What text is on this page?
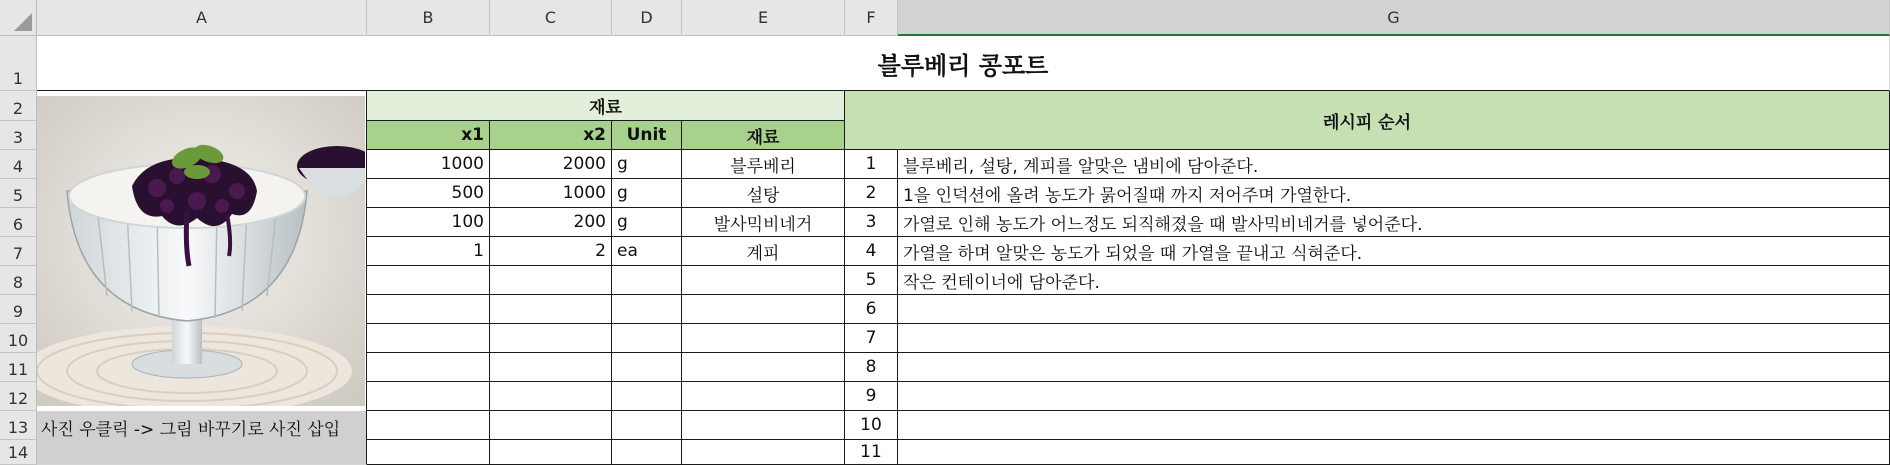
A	B	C	D	E	F	G
1
2
3
4
5
6
7
8
9
10
11
12
13
14
블루베리 콩포트
사진 우클릭 -> 그림 바꾸기로 사진 삽입
재료
x1	x2	Unit	재료
레시피 순서
1000	2000 g	블루베리
500	1000 g	설탕
100	200 g	발사믹비네거
1	2 ea	계피
1	블루베리, 설탕, 계피를 알맞은 냄비에 담아준다.
2	1을 인덕션에 올려 농도가 묽어질때 까지 저어주며 가열한다.
3	가열로 인해 농도가 어느정도 되직해졌을 때 발사믹비네거를 넣어준다.
4	가열을 하며 알맞은 농도가 되었을 때 가열을 끝내고 식혀준다.
5	작은 컨테이너에 담아준다.
6
7
8
9
10
11
